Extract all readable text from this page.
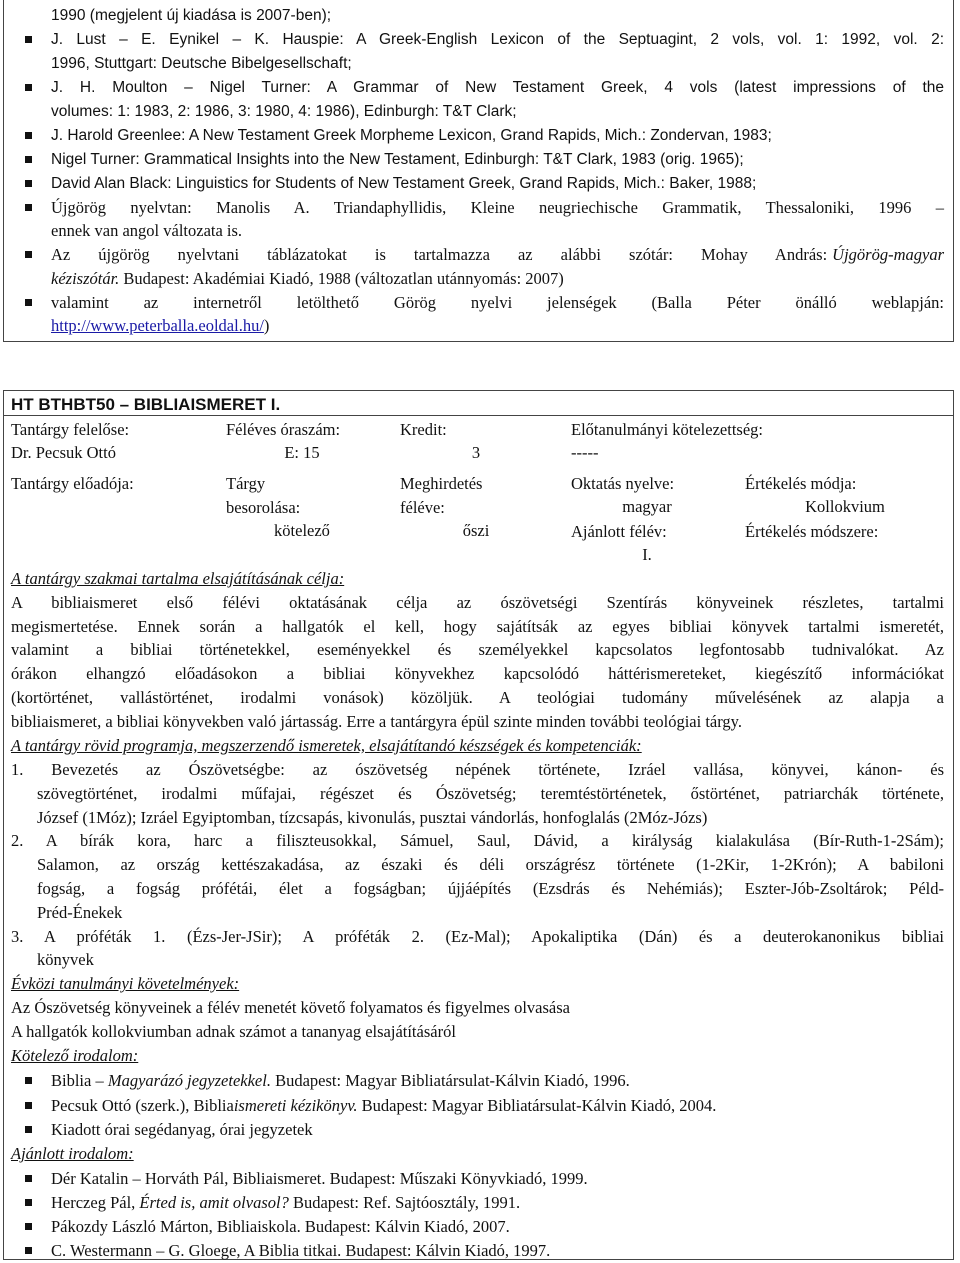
1990 (megjelent új kiadása is 2007-ben);
J. Lust – E. Eynikel – K. Hauspie: A Greek-English Lexicon of the Septuagint, 2 vols, vol. 1: 1992, vol. 2:
1996, Stuttgart: Deutsche Bibelgesellschaft;
J. H. Moulton – Nigel Turner: A Grammar of New Testament Greek, 4 vols (latest impressions of the
volumes: 1: 1983, 2: 1986, 3: 1980, 4: 1986), Edinburgh: T&T Clark;
J. Harold Greenlee: A New Testament Greek Morpheme Lexicon, Grand Rapids, Mich.: Zondervan, 1983;
Nigel Turner: Grammatical Insights into the New Testament, Edinburgh: T&T Clark, 1983 (orig. 1965);
David Alan Black: Linguistics for Students of New Testament Greek, Grand Rapids, Mich.: Baker, 1988;
Újgörög nyelvtan: Manolis A. Triandaphyllidis, Kleine neugriechische Grammatik, Thessaloniki, 1996 –
ennek van angol változata is.
Az újgörög nyelvtani táblázatokat is tartalmazza az alábbi szótár: Mohay András: Újgörög-magyar
kéziszótár. Budapest: Akadémiai Kiadó, 1988 (változatlan utánnyomás: 2007)
valamint az internetről letölthető Görög nyelvi jelenségek (Balla Péter önálló weblapján:
http://www.peterballa.eoldal.hu/)
HT BTHBT50 – BIBLIAISMERET I.
Tantárgy felelőse:
Dr. Pecsuk Ottó
Féléves óraszám:
E: 15
Kredit:
3
Előtanulmányi kötelezettség:
-----
Tantárgy előadója:	Tárgy
besorolása:
kötelező
Meghirdetés
féléve:
őszi
Oktatás nyelve:
magyar
Ajánlott félév:
I.
Értékelés módja:
Kollokvium
Értékelés módszere:
A tantárgy szakmai tartalma elsajátításának célja:
A bibliaismeret első félévi oktatásának célja az ószövetségi Szentírás könyveinek részletes, tartalmi
megismertetése. Ennek során a hallgatók el kell, hogy sajátítsák az egyes bibliai könyvek tartalmi ismeretét,
valamint a bibliai történetekkel, eseményekkel és személyekkel kapcsolatos legfontosabb tudnivalókat. Az
órákon elhangzó előadásokon a bibliai könyvekhez kapcsolódó háttérismereteket, kiegészítő információkat
(kortörténet, vallástörténet, irodalmi vonások) közöljük. A teológiai tudomány művelésének az alapja a
bibliaismeret, a bibliai könyvekben való jártasság. Erre a tantárgyra épül szinte minden további teológiai tárgy.
A tantárgy rövid programja, megszerzendő ismeretek, elsajátítandó készségek és kompetenciák:
1. Bevezetés az Ószövetségbe: az ószövetség népének története, Izráel vallása, könyvei, kánon- és
szövegtörténet, irodalmi műfajai, régészet és Ószövetség; teremtéstörténetek, őstörténet, patriarchák története,
József (1Móz); Izráel Egyiptomban, tízcsapás, kivonulás, pusztai vándorlás, honfoglalás (2Móz-Józs)
2. A bírák kora, harc a filiszteusokkal, Sámuel, Saul, Dávid, a királyság kialakulása (Bír-Ruth-1-2Sám);
Salamon, az ország kettészakadása, az északi és déli országrész története (1-2Kir, 1-2Krón); A babiloni
fogság, a fogság prófétái, élet a fogságban; újjáépítés (Ezsdrás és Nehémiás); Eszter-Jób-Zsoltárok; Péld-
Préd-Énekek
3. A próféták 1. (Ézs-Jer-JSir); A próféták 2. (Ez-Mal); Apokaliptika (Dán) és a deuterokanonikus bibliai
könyvek
Évközi tanulmányi követelmények:
Az Ószövetség könyveinek a félév menetét követő folyamatos és figyelmes olvasása
A hallgatók kollokviumban adnak számot a tananyag elsajátításáról
Kötelező irodalom:
Biblia – Magyarázó jegyzetekkel. Budapest: Magyar Bibliatársulat-Kálvin Kiadó, 1996.
Pecsuk Ottó (szerk.), Bibliaismereti kézikönyv. Budapest: Magyar Bibliatársulat-Kálvin Kiadó, 2004.
Kiadott órai segédanyag, órai jegyzetek
Ajánlott irodalom:
Dér Katalin – Horváth Pál, Bibliaismeret. Budapest: Műszaki Könyvkiadó, 1999.
Herczeg Pál, Érted is, amit olvasol? Budapest: Ref. Sajtóosztály, 1991.
Pákozdy László Márton, Bibliaiskola. Budapest: Kálvin Kiadó, 2007.
C. Westermann – G. Gloege, A Biblia titkai. Budapest: Kálvin Kiadó, 1997.
